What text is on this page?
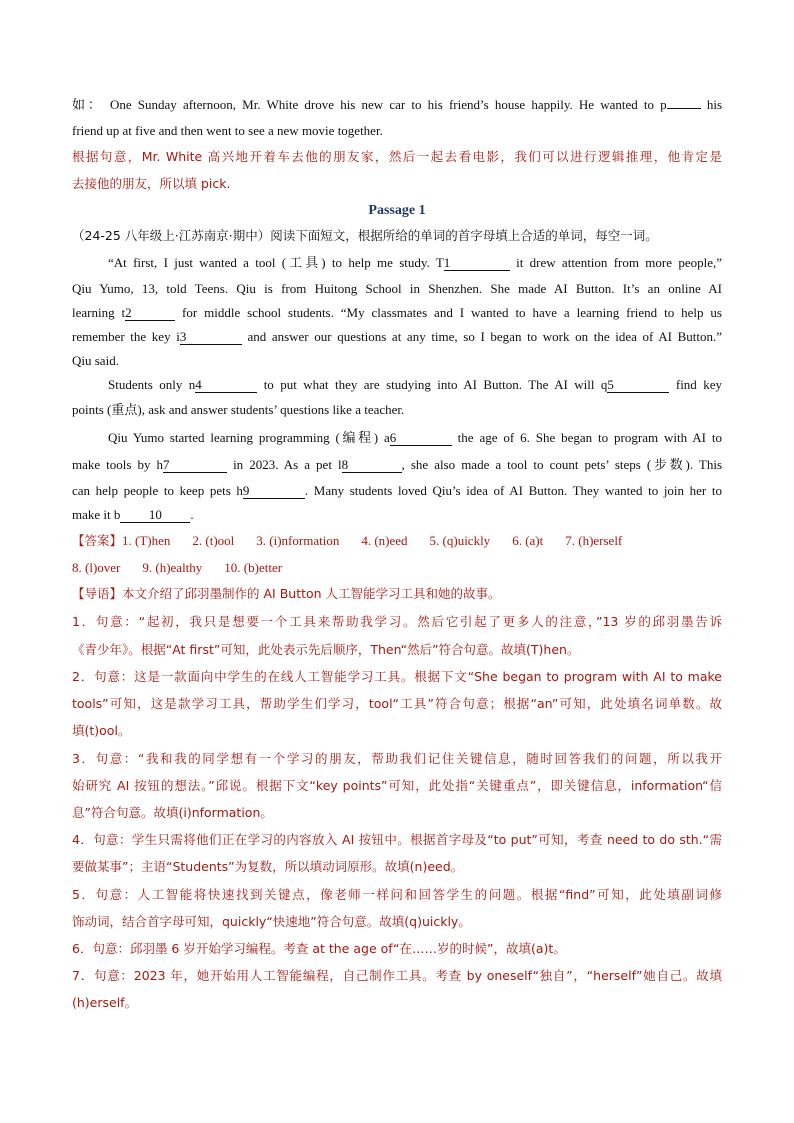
如： One Sunday afternoon, Mr. White drove his new car to his friend’s house happily. He wanted to p	his
friend up at five and then went to see a new movie together.
根据句意，Mr. White 高兴地开着车去他的朋友家，然后一起去看电影，我们可以进行逻辑推理，他肯定是
去接他的朋友，所以填 pick.
Passage 1
（24-25 八年级上·江苏南京·期中）阅读下面短文，根据所给的单词的首字母填上合适的单词，每空一词。
“At first, I just wanted a tool (工具) to help me study. T1	it drew attention from more people,”
Qiu Yumo, 13, told Teens. Qiu is from Huitong School in Shenzhen. She made AI Button. It’s an online AI
learning t2	for middle school students. “My classmates and I wanted to have a learning friend to help us
remember the key i3	and answer our questions at any time, so I began to work on the idea of AI Button.”
Qiu said.
Students only n4	to put what they are studying into AI Button. The AI will q5	find key
points (重点), ask and answer students’ questions like a teacher.
Qiu Yumo started learning programming (编程) a6	the age of 6. She began to program with AI to
make tools by h7	in 2023. As a pet l8	, she also made a tool to count pets’ steps (步数). This
can help people to keep pets h9	. Many students loved Qiu’s idea of AI Button. They wanted to join her to
make it b 10 .
【答案】1. (T)hen 2. (t)ool 3. (i)nformation 4. (n)eed 5. (q)uickly 6. (a)t 7. (h)erself
8. (l)over 9. (h)ealthy 10. (b)etter
【导语】本文介绍了邱羽墨制作的 AI Button 人工智能学习工具和她的故事。
1．句意：“起初，我只是想要一个工具来帮助我学习。然后它引起了更多人的注意，”13 岁的邱羽墨告诉
《青少年》。根据“At first”可知，此处表示先后顺序，Then“然后”符合句意。故填(T)hen。
2．句意：这是一款面向中学生的在线人工智能学习工具。根据下文“She began to program with AI to make
tools”可知，这是款学习工具，帮助学生们学习，tool“工具”符合句意；根据“an”可知，此处填名词单数。故
填(t)ool。
3．句意：“我和我的同学想有一个学习的朋友，帮助我们记住关键信息，随时回答我们的问题，所以我开
始研究 AI 按钮的想法。”邱说。根据下文“key points”可知，此处指“关键重点”，即关键信息，information“信
息”符合句意。故填(i)nformation。
4．句意：学生只需将他们正在学习的内容放入 AI 按钮中。根据首字母及“to put”可知，考查 need to do sth.“需
要做某事”；主语“Students”为复数，所以填动词原形。故填(n)eed。
5．句意：人工智能将快速找到关键点，像老师一样问和回答学生的问题。根据“find”可知，此处填副词修
饰动词，结合首字母可知，quickly“快速地”符合句意。故填(q)uickly。
6．句意：邱羽墨 6 岁开始学习编程。考查 at the age of“在……岁的时候”，故填(a)t。
7．句意：2023 年，她开始用人工智能编程，自己制作工具。考查 by oneself“独自”，“herself”她自己。故填
(h)erself。
